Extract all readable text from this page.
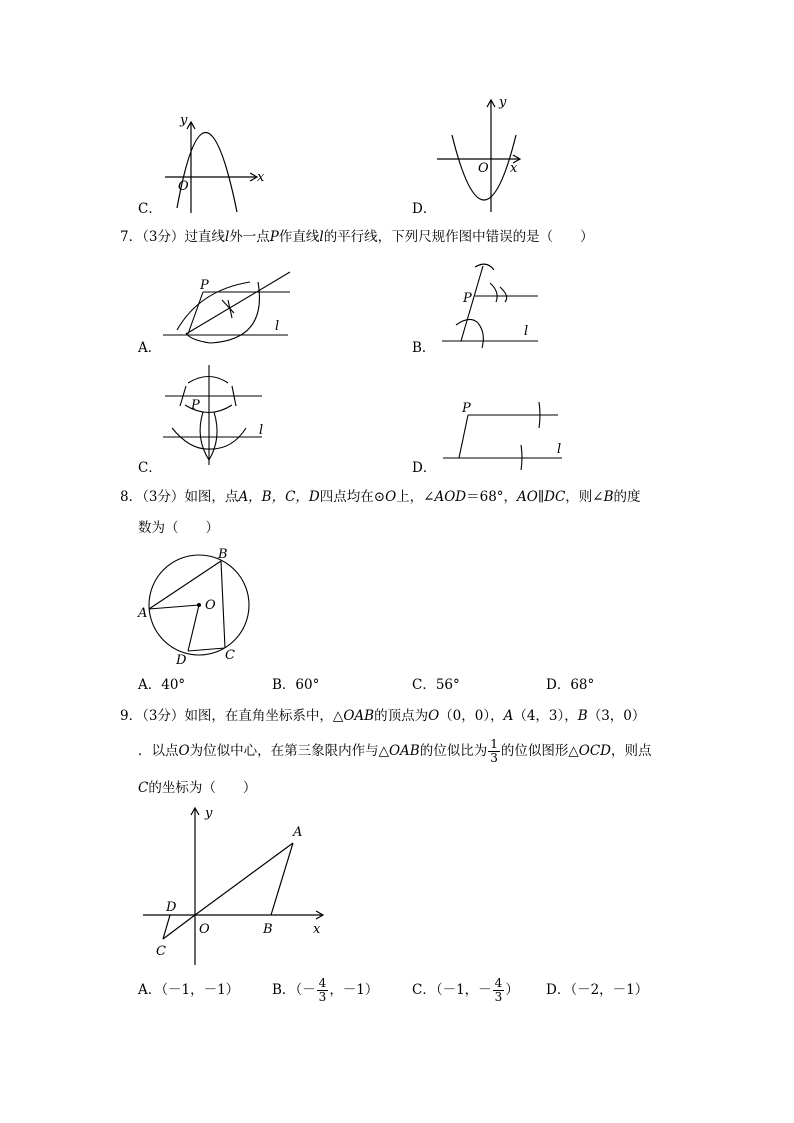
y
x
O
y
x
O
C．	D．
7．（3分）过直线l外一点P作直线l的平行线，下列尺规作图中错误的是（　　）
P
l
P
l
P
l
P
l
A．	B．
C．	D．
8．（3分）如图，点A，B，C，D四点均在⊙O上，∠AOD＝68°，AO∥DC，则∠B的度
数为（　　）
A
B
C
D
O
A．40°	B．60°	C．56°	D．68°
9．（3分）如图，在直角坐标系中，△OAB的顶点为O（0，0），A（4，3），B（3，0）
．以点O为位似中心，在第三象限内作与△OAB的位似比为 $\frac{1}{3}$ 的位似图形△OCD，则点
C的坐标为（　　）
y
x
A
B
C
D
O
A．（－1，－1） B．（－ $\frac{4}{3}$ ，－1） C．（－1，－ $\frac{4}{3}$ ） D．（－2，－1）
